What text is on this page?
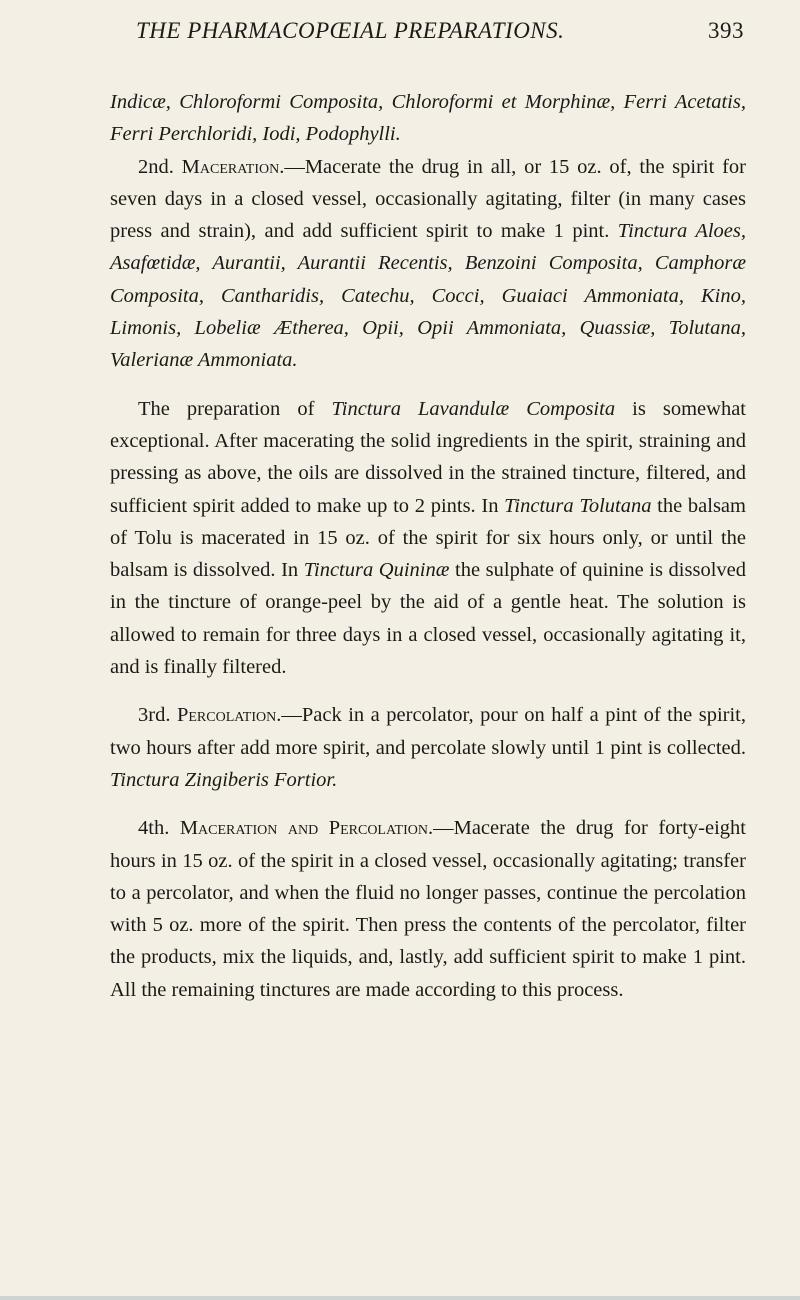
THE PHARMACOPŒIAL PREPARATIONS.	393

Indicæ, Chloroformi Composita, Chloroformi et Morphinæ, Ferri Acetatis, Ferri Perchloridi, Iodi, Podophylli.

2nd. Maceration.—Macerate the drug in all, or 15 oz. of, the spirit for seven days in a closed vessel, occasionally agitating, filter (in many cases press and strain), and add sufficient spirit to make 1 pint. Tinctura Aloes, Asafœtidæ, Aurantii, Aurantii Recentis, Benzoini Composita, Camphoræ Composita, Cantharidis, Catechu, Cocci, Guaiaci Ammoniata, Kino, Limonis, Lobeliæ Ætherea, Opii, Opii Ammoniata, Quassiæ, Tolutana, Valerianæ Ammoniata.

The preparation of Tinctura Lavandulæ Composita is somewhat exceptional. After macerating the solid ingredients in the spirit, straining and pressing as above, the oils are dissolved in the strained tincture, filtered, and sufficient spirit added to make up to 2 pints. In Tinctura Tolutana the balsam of Tolu is macerated in 15 oz. of the spirit for six hours only, or until the balsam is dissolved. In Tinctura Quininæ the sulphate of quinine is dissolved in the tincture of orange-peel by the aid of a gentle heat. The solution is allowed to remain for three days in a closed vessel, occasionally agitating it, and is finally filtered.

3rd. Percolation.—Pack in a percolator, pour on half a pint of the spirit, two hours after add more spirit, and percolate slowly until 1 pint is collected. Tinctura Zingiberis Fortior.

4th. Maceration and Percolation.—Macerate the drug for forty-eight hours in 15 oz. of the spirit in a closed vessel, occasionally agitating; transfer to a percolator, and when the fluid no longer passes, continue the percolation with 5 oz. more of the spirit. Then press the contents of the percolator, filter the products, mix the liquids, and, lastly, add sufficient spirit to make 1 pint. All the remaining tinctures are made according to this process.
